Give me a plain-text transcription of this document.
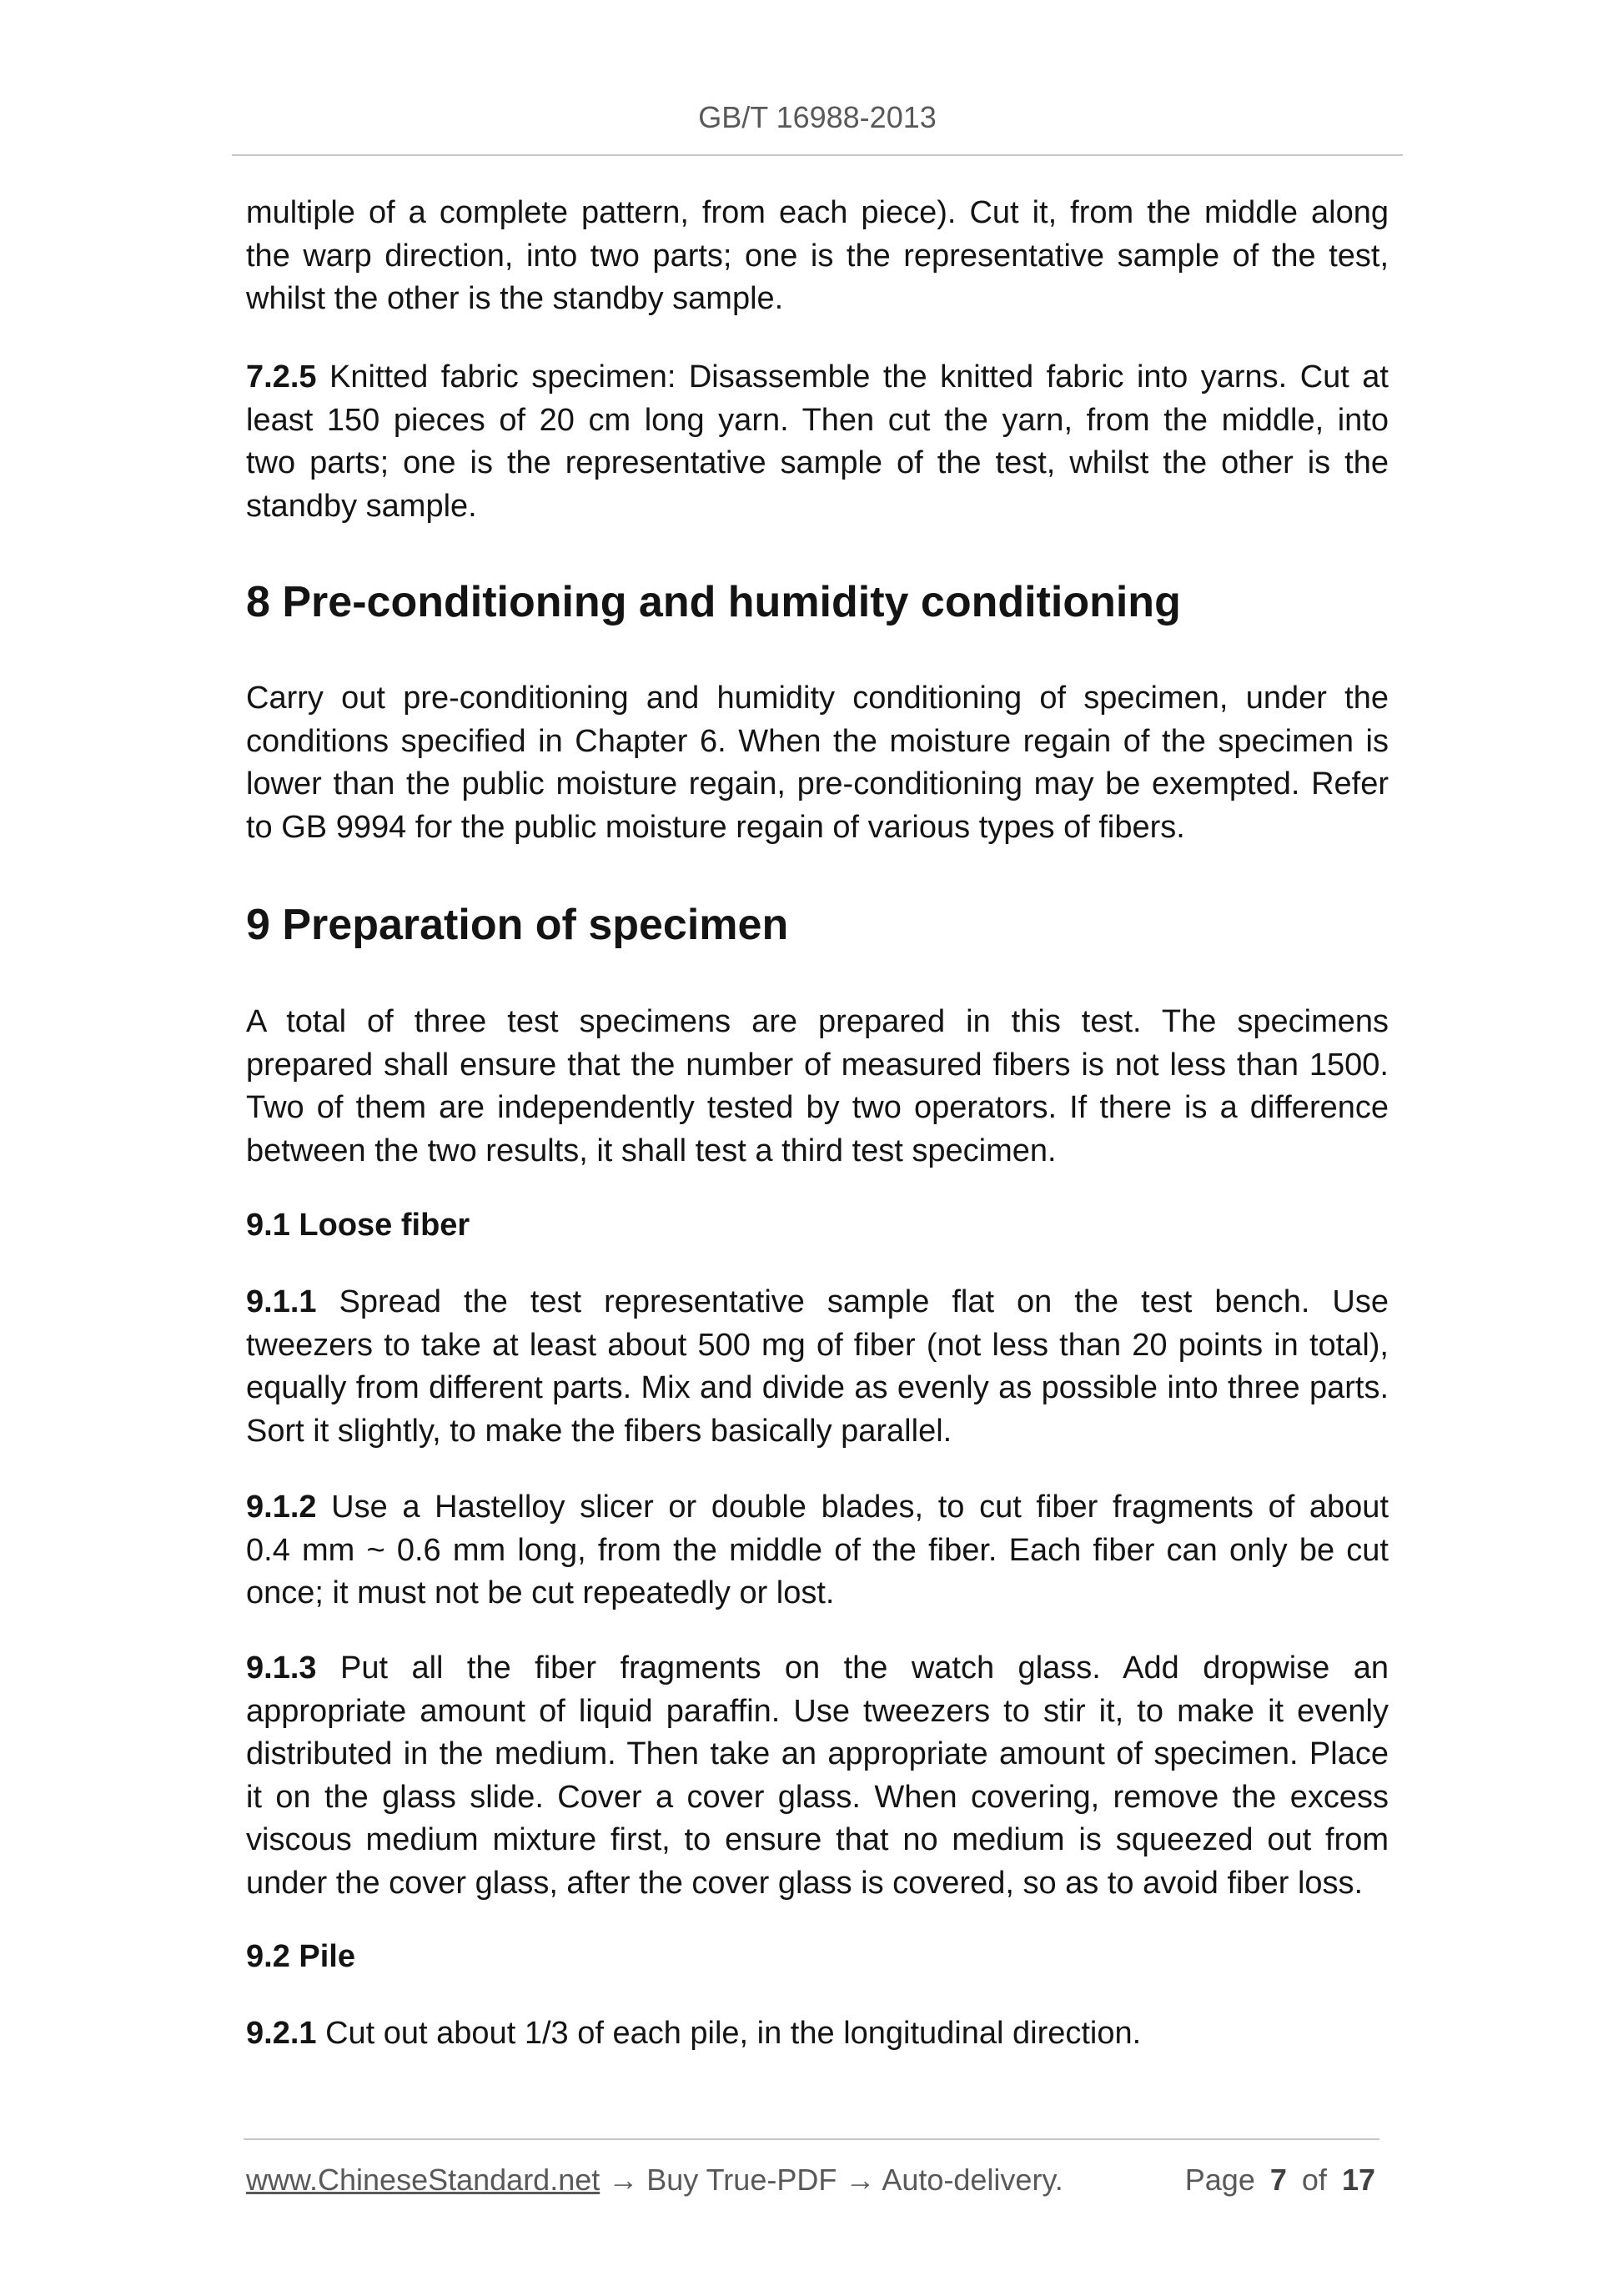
GB/T 16988-2013
multiple of a complete pattern, from each piece). Cut it, from the middle along
the warp direction, into two parts; one is the representative sample of the test,
whilst the other is the standby sample.
7.2.5 Knitted fabric specimen: Disassemble the knitted fabric into yarns. Cut at
least 150 pieces of 20 cm long yarn. Then cut the yarn, from the middle, into
two parts; one is the representative sample of the test, whilst the other is the
standby sample.
8 Pre-conditioning and humidity conditioning
Carry out pre-conditioning and humidity conditioning of specimen, under the
conditions specified in Chapter 6. When the moisture regain of the specimen is
lower than the public moisture regain, pre-conditioning may be exempted. Refer
to GB 9994 for the public moisture regain of various types of fibers.
9 Preparation of specimen
A total of three test specimens are prepared in this test. The specimens
prepared shall ensure that the number of measured fibers is not less than 1500.
Two of them are independently tested by two operators. If there is a difference
between the two results, it shall test a third test specimen.
9.1 Loose fiber
9.1.1 Spread the test representative sample flat on the test bench. Use
tweezers to take at least about 500 mg of fiber (not less than 20 points in total),
equally from different parts. Mix and divide as evenly as possible into three parts.
Sort it slightly, to make the fibers basically parallel.
9.1.2 Use a Hastelloy slicer or double blades, to cut fiber fragments of about
0.4 mm ~ 0.6 mm long, from the middle of the fiber. Each fiber can only be cut
once; it must not be cut repeatedly or lost.
9.1.3 Put all the fiber fragments on the watch glass. Add dropwise an
appropriate amount of liquid paraffin. Use tweezers to stir it, to make it evenly
distributed in the medium. Then take an appropriate amount of specimen. Place
it on the glass slide. Cover a cover glass. When covering, remove the excess
viscous medium mixture first, to ensure that no medium is squeezed out from
under the cover glass, after the cover glass is covered, so as to avoid fiber loss.
9.2 Pile
9.2.1 Cut out about 1/3 of each pile, in the longitudinal direction.
www.ChineseStandard.net → Buy True-PDF → Auto-delivery.	Page 7 of 17
